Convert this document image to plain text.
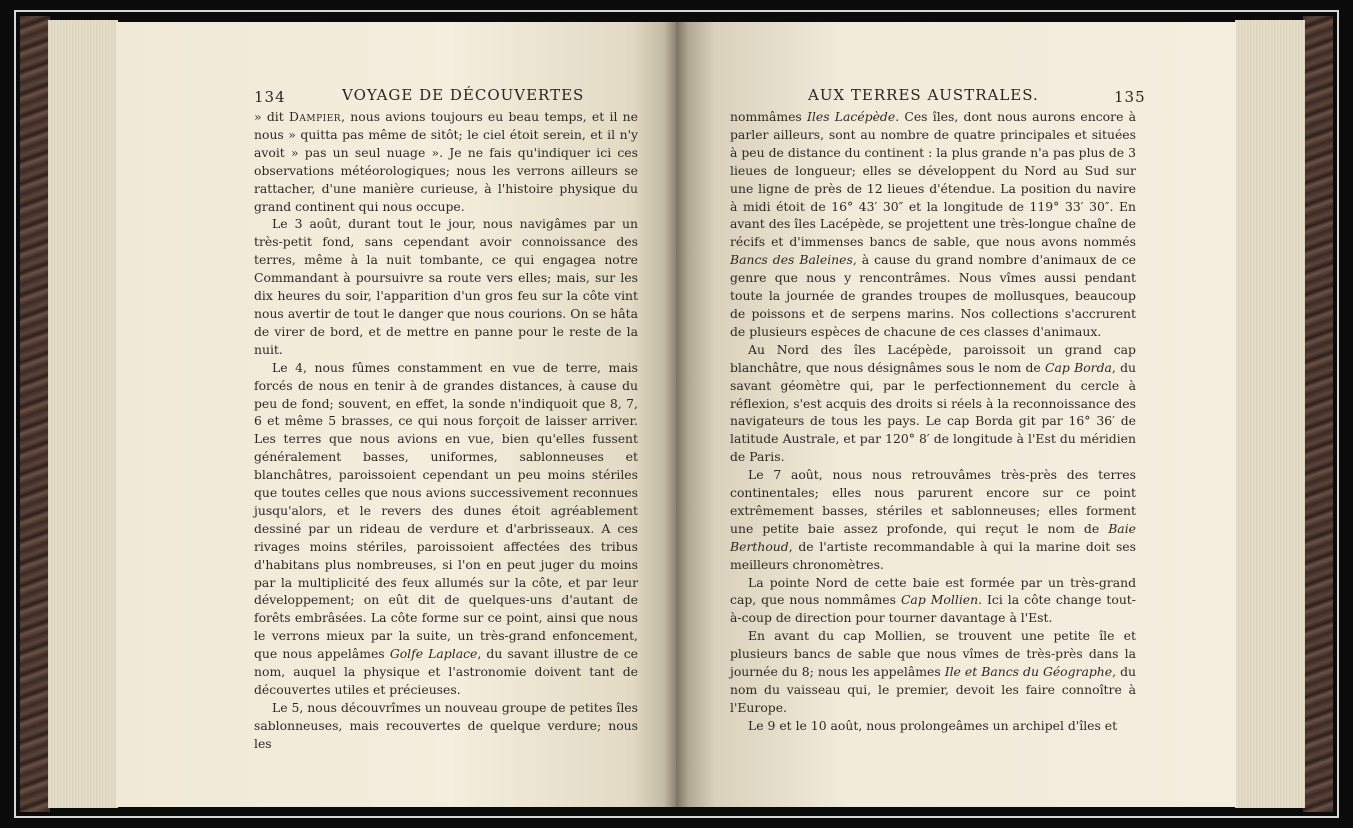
134	VOYAGE DE DÉCOUVERTES

» dit Dampier, nous avions toujours eu beau temps, et il ne nous » quitta pas même de sitôt; le ciel étoit serein, et il n'y avoit » pas un seul nuage ». Je ne fais qu'indiquer ici ces observations météorologiques; nous les verrons ailleurs se rattacher, d'une manière curieuse, à l'histoire physique du grand continent qui nous occupe.

Le 3 août, durant tout le jour, nous navigâmes par un très-petit fond, sans cependant avoir connoissance des terres, même à la nuit tombante, ce qui engagea notre Commandant à poursuivre sa route vers elles; mais, sur les dix heures du soir, l'apparition d'un gros feu sur la côte vint nous avertir de tout le danger que nous courions. On se hâta de virer de bord, et de mettre en panne pour le reste de la nuit.

Le 4, nous fûmes constamment en vue de terre, mais forcés de nous en tenir à de grandes distances, à cause du peu de fond; souvent, en effet, la sonde n'indiquoit que 8, 7, 6 et même 5 brasses, ce qui nous forçoit de laisser arriver. Les terres que nous avions en vue, bien qu'elles fussent généralement basses, uniformes, sablonneuses et blanchâtres, paroissoient cependant un peu moins stériles que toutes celles que nous avions successivement reconnues jusqu'alors, et le revers des dunes étoit agréablement dessiné par un rideau de verdure et d'arbrisseaux. A ces rivages moins stériles, paroissoient affectées des tribus d'habitans plus nombreuses, si l'on en peut juger du moins par la multiplicité des feux allumés sur la côte, et par leur développement; on eût dit de quelques-uns d'autant de forêts embrâsées. La côte forme sur ce point, ainsi que nous le verrons mieux par la suite, un très-grand enfoncement, que nous appelâmes Golfe Laplace, du savant illustre de ce nom, auquel la physique et l'astronomie doivent tant de découvertes utiles et précieuses.

Le 5, nous découvrîmes un nouveau groupe de petites îles sablonneuses, mais recouvertes de quelque verdure; nous les

AUX TERRES AUSTRALES.	135

nommâmes Iles Lacépède. Ces îles, dont nous aurons encore à parler ailleurs, sont au nombre de quatre principales et situées à peu de distance du continent : la plus grande n'a pas plus de 3 lieues de longueur; elles se développent du Nord au Sud sur une ligne de près de 12 lieues d'étendue. La position du navire à midi étoit de 16° 43′ 30″ et la longitude de 119° 33′ 30″. En avant des îles Lacépède, se projettent une très-longue chaîne de récifs et d'immenses bancs de sable, que nous avons nommés Bancs des Baleines, à cause du grand nombre d'animaux de ce genre que nous y rencontrâmes. Nous vîmes aussi pendant toute la journée de grandes troupes de mollusques, beaucoup de poissons et de serpens marins. Nos collections s'accrurent de plusieurs espèces de chacune de ces classes d'animaux.

Au Nord des îles Lacépède, paroissoit un grand cap blanchâtre, que nous désignâmes sous le nom de Cap Borda, du savant géomètre qui, par le perfectionnement du cercle à réflexion, s'est acquis des droits si réels à la reconnoissance des navigateurs de tous les pays. Le cap Borda git par 16° 36′ de latitude Australe, et par 120° 8′ de longitude à l'Est du méridien de Paris.

Le 7 août, nous nous retrouvâmes très-près des terres continentales; elles nous parurent encore sur ce point extrêmement basses, stériles et sablonneuses; elles forment une petite baie assez profonde, qui reçut le nom de Baie Berthoud, de l'artiste recommandable à qui la marine doit ses meilleurs chronomètres.

La pointe Nord de cette baie est formée par un très-grand cap, que nous nommâmes Cap Mollien. Ici la côte change tout-à-coup de direction pour tourner davantage à l'Est.

En avant du cap Mollien, se trouvent une petite île et plusieurs bancs de sable que nous vîmes de très-près dans la journée du 8; nous les appelâmes Ile et Bancs du Géographe, du nom du vaisseau qui, le premier, devoit les faire connoître à l'Europe.

Le 9 et le 10 août, nous prolongeâmes un archipel d'îles et
